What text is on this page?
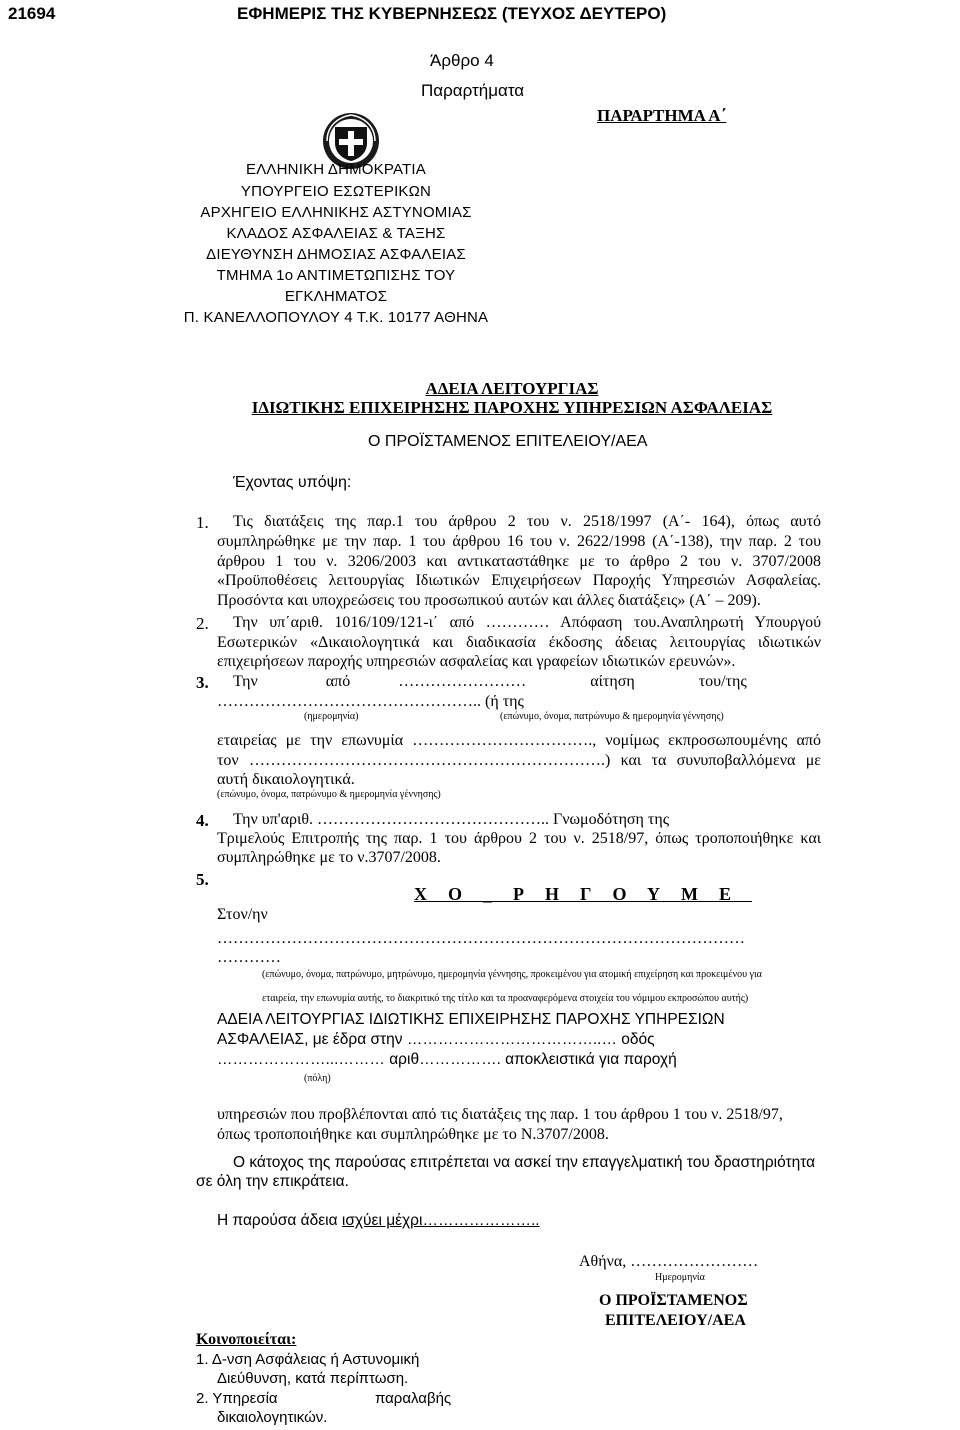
21694	ΕΦΗΜΕΡΙΣ ΤΗΣ ΚΥΒΕΡΝΗΣΕΩΣ (ΤΕΥΧΟΣ ΔΕΥΤΕΡΟ)
Άρθρο 4
Παραρτήματα
ΠΑΡΑΡΤΗΜΑ Α΄
ΕΛΛΗΝΙΚΗ ΔΗΜΟΚΡΑΤΙΑ
ΥΠΟΥΡΓΕΙΟ ΕΣΩΤΕΡΙΚΩΝ
ΑΡΧΗΓΕΙΟ ΕΛΛΗΝΙΚΗΣ ΑΣΤΥΝΟΜΙΑΣ
ΚΛΑΔΟΣ ΑΣΦΑΛΕΙΑΣ & ΤΑΞΗΣ
ΔΙΕΥΘΥΝΣΗ ΔΗΜΟΣΙΑΣ ΑΣΦΑΛΕΙΑΣ
ΤΜΗΜΑ 1ο ΑΝΤΙΜΕΤΩΠΙΣΗΣ ΤΟΥ
ΕΓΚΛΗΜΑΤΟΣ
Π. ΚΑΝΕΛΛΟΠΟΥΛΟΥ 4 Τ.Κ. 10177 ΑΘΗΝΑ
ΑΔΕΙΑ ΛΕΙΤΟΥΡΓΙΑΣ
ΙΔΙΩΤΙΚΗΣ ΕΠΙΧΕΙΡΗΣΗΣ ΠΑΡΟΧΗΣ ΥΠΗΡΕΣΙΩΝ ΑΣΦΑΛΕΙΑΣ
Ο ΠΡΟΪΣΤΑΜΕΝΟΣ ΕΠΙΤΕΛΕΙΟΥ/ΑΕΑ
Έχοντας υπόψη:
1. Τις διατάξεις της παρ.1 του άρθρου 2 του ν. 2518/1997 (Α΄- 164), όπως αυτό
συμπληρώθηκε με την παρ. 1 του άρθρου 16 του ν. 2622/1998 (Α΄-138), την παρ. 2 του
άρθρου 1 του ν. 3206/2003 και αντικαταστάθηκε με το άρθρο 2 του ν. 3707/2008
«Προϋποθέσεις λειτουργίας Ιδιωτικών Επιχειρήσεων Παροχής Υπηρεσιών Ασφαλείας.
Προσόντα και υποχρεώσεις του προσωπικού αυτών και άλλες διατάξεις» (Α΄ – 209).
2. Την υπ΄αριθ. 1016/109/121-ι΄ από ………… Απόφαση του.Αναπληρωτή Υπουργού
Εσωτερικών «Δικαιολογητικά και διαδικασία έκδοσης άδειας λειτουργίας ιδιωτικών
επιχειρήσεων παροχής υπηρεσιών ασφαλείας και γραφείων ιδιωτικών ερευνών».
3. Την                 από            ……………………                αίτηση                του/της
………………………………………….. (ή της
(ημερομηνία)	(επώνυμο, όνομα, πατρώνυμο & ημερομηνία γέννησης)
εταιρείας με την επωνυμία ……………………………., νομίμως εκπροσωπουμένης από
τον ………………………………………………………….) και τα συνυποβαλλόμενα με
αυτή δικαιολογητικά.
(επώνυμο, όνομα, πατρώνυμο & ημερομηνία γέννησης)
4. Την υπ'αριθ. …………………………………….. Γνωμοδότηση της
Τριμελούς Επιτροπής της παρ. 1 του άρθρου 2 του ν. 2518/97, όπως τροποποιήθηκε και
συμπληρώθηκε με το ν.3707/2008.
5.
ΧΟ_ΡΗΓΟΥΜΕ
Στον/ην
………………………………………………………………………………………
…………
(επώνυμο, όνομα, πατρώνυμο, μητρώνυμο, ημερομηνία γέννησης, προκειμένου για ατομική επιχείρηση και προκειμένου για
εταιρεία, την επωνυμία αυτής, το διακριτικό της τίτλο και τα προαναφερόμενα στοιχεία του νόμιμου εκπροσώπου αυτής)
ΑΔΕΙΑ ΛΕΙΤΟΥΡΓΙΑΣ ΙΔΙΩΤΙΚΗΣ ΕΠΙΧΕΙΡΗΣΗΣ ΠΑΡΟΧΗΣ ΥΠΗΡΕΣΙΩΝ
ΑΣΦΑΛΕΙΑΣ, με έδρα στην ………………………………..… οδός
…………………...……… αριθ……………. αποκλειστικά για παροχή
(πόλη)
υπηρεσιών που προβλέπονται από τις διατάξεις της παρ. 1 του άρθρου 1 του ν. 2518/97,
όπως τροποποιήθηκε και συμπληρώθηκε με το Ν.3707/2008.
Ο κάτοχος της παρούσας επιτρέπεται να ασκεί την επαγγελματική του δραστηριότητα
σε όλη την επικράτεια.
Η παρούσα άδεια ισχύει μέχρι…………………..
Αθήνα, ……………………
Ημερομηνία
Ο ΠΡΟΪΣΤΑΜΕΝΟΣ
ΕΠΙΤΕΛΕΙΟΥ/ΑΕΑ
Κοινοποιείται:
1. Δ-νση Ασφάλειας ή Αστυνομική
Διεύθυνση, κατά περίπτωση.
2. Υπηρεσία	παραλαβής
δικαιολογητικών.
